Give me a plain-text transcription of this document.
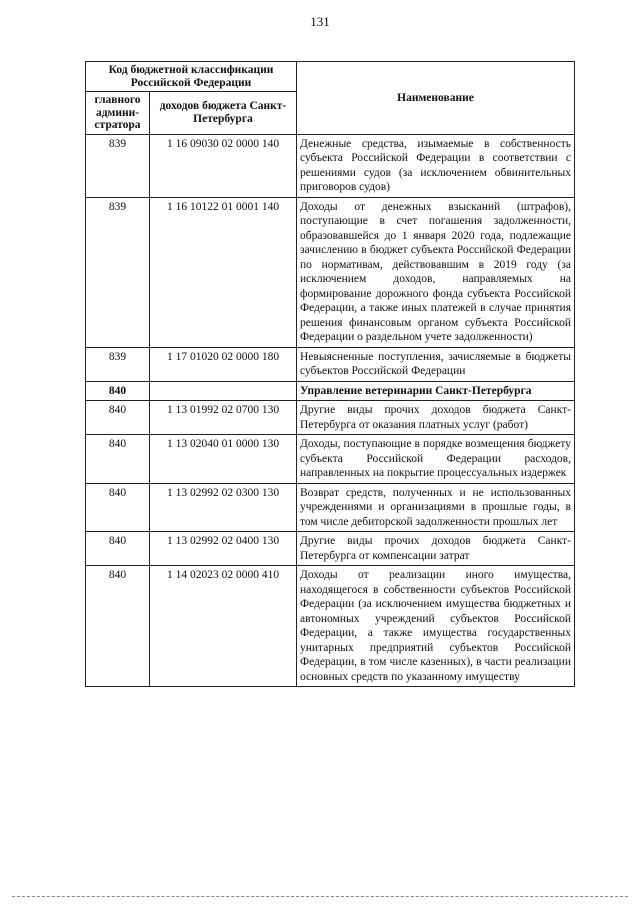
131
Код бюджетной классификации Российской Федерации		Наименование
главного админи-стратора	доходов бюджета Санкт-Петербурга	
839	1 16 09030 02 0000 140	Денежные средства, изымаемые в собственность субъекта Российской Федерации в соответствии с решениями судов (за исключением обвинительных приговоров судов)
839	1 16 10122 01 0001 140	Доходы от денежных взысканий (штрафов), поступающие в счет погашения задолженности, образовавшейся до 1 января 2020 года, подлежащие зачислению в бюджет субъекта Российской Федерации по нормативам, действовавшим в 2019 году (за исключением доходов, направляемых на формирование дорожного фонда субъекта Российской Федерации, а также иных платежей в случае принятия решения финансовым органом субъекта Российской Федерации о раздельном учете задолженности)
839	1 17 01020 02 0000 180	Невыясненные поступления, зачисляемые в бюджеты субъектов Российской Федерации
840		Управление ветеринарии Санкт-Петербурга
840	1 13 01992 02 0700 130	Другие виды прочих доходов бюджета Санкт-Петербурга от оказания платных услуг (работ)
840	1 13 02040 01 0000 130	Доходы, поступающие в порядке возмещения бюджету субъекта Российской Федерации расходов, направленных на покрытие процессуальных издержек
840	1 13 02992 02 0300 130	Возврат средств, полученных и не использованных учреждениями и организациями в прошлые годы, в том числе дебиторской задолженности прошлых лет
840	1 13 02992 02 0400 130	Другие виды прочих доходов бюджета Санкт-Петербурга от компенсации затрат
840	1 14 02023 02 0000 410	Доходы от реализации иного имущества, находящегося в собственности субъектов Российской Федерации (за исключением имущества бюджетных и автономных учреждений субъектов Российской Федерации, а также имущества государственных унитарных предприятий субъектов Российской Федерации, в том числе казенных), в части реализации основных средств по указанному имуществу
